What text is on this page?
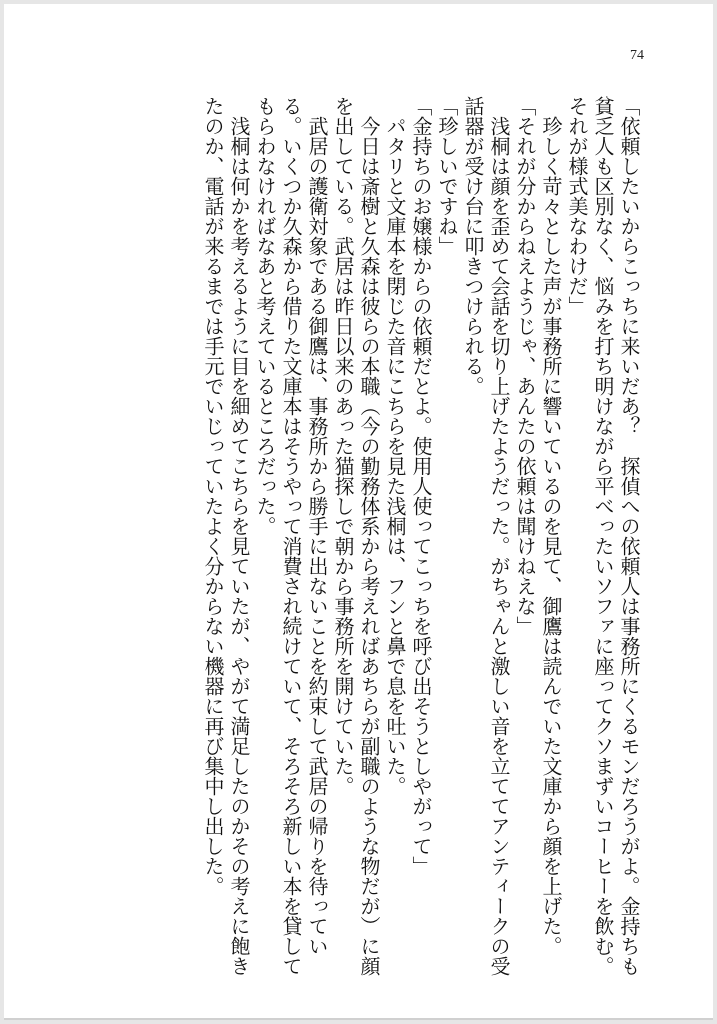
74

「依頼したいからこっちに来いだあ？　探偵への依頼人は事務所にくるモンだろうがよ。金持ちも貧乏人も区別なく、悩みを打ち明けながら平べったいソファに座ってクソまずいコーヒーを飲む。それが様式美なわけだ」

　珍しく苛々とした声が事務所に響いているのを見て、御鷹は読んでいた文庫から顔を上げた。

「それが分からねえようじゃ、あんたの依頼は聞けねえな」

　浅桐は顔を歪めて会話を切り上げたようだった。がちゃんと激しい音を立ててアンティークの受話器が受け台に叩きつけられる。

「珍しいですね」

「金持ちのお嬢様からの依頼だとよ。使用人使ってこっちを呼び出そうとしやがって」

　パタリと文庫本を閉じた音にこちらを見た浅桐は、フンと鼻で息を吐いた。

　今日は斎樹と久森は彼らの本職（今の勤務体系から考えればあちらが副職のような物だが）に顔を出している。武居は昨日以来のあった猫探しで朝から事務所を開けていた。

　武居の護衛対象である御鷹は、事務所から勝手に出ないことを約束して武居の帰りを待っている。いくつか久森から借りた文庫本はそうやって消費され続けていて、そろそろ新しい本を貸してもらわなければなあと考えているところだった。

　浅桐は何かを考えるように目を細めてこちらを見ていたが、やがて満足したのかその考えに飽きたのか、電話が来るまでは手元でいじっていたよく分からない機器に再び集中し出した。
